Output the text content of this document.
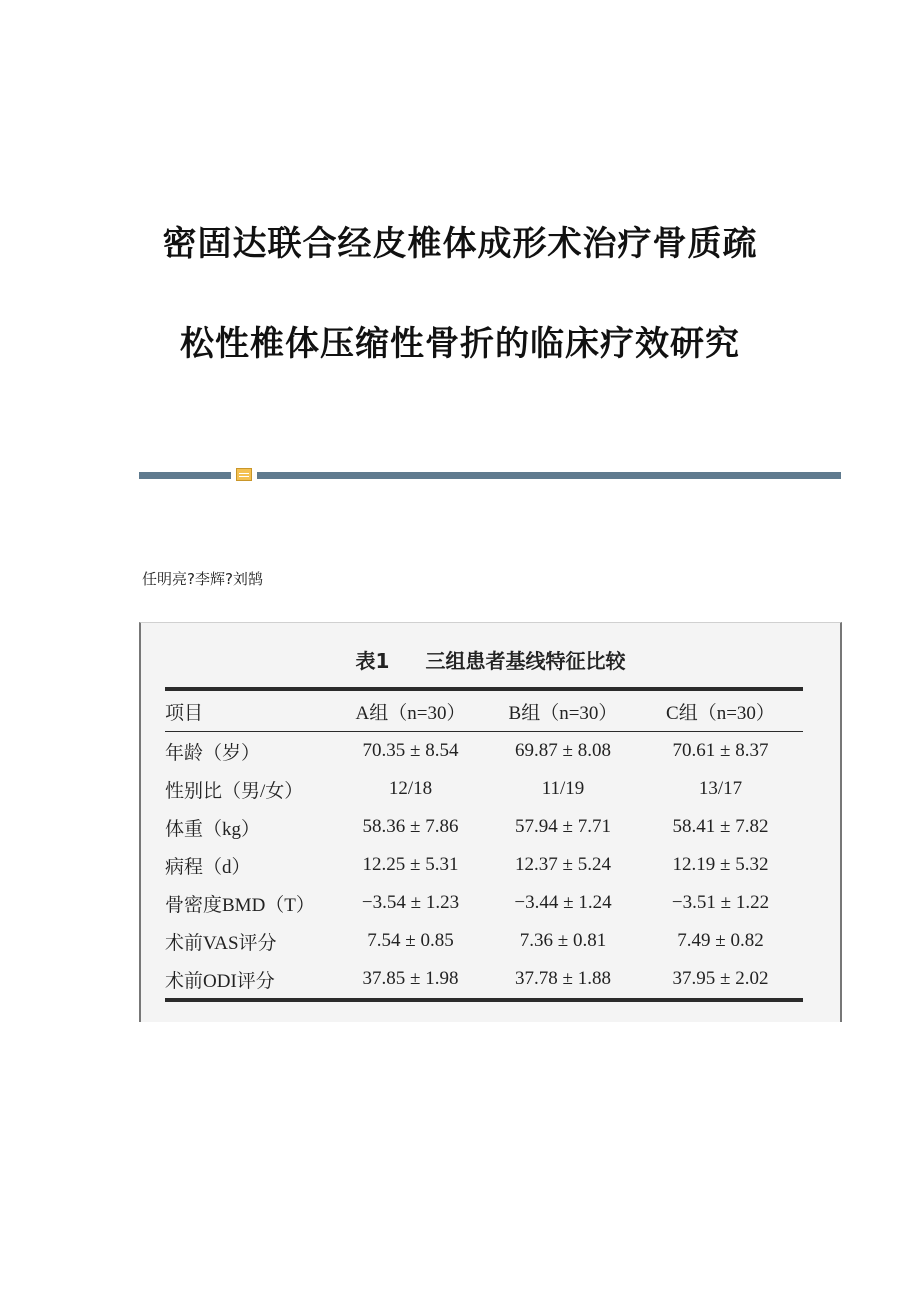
密固达联合经皮椎体成形术治疗骨质疏
松性椎体压缩性骨折的临床疗效研究
任明亮?李辉?刘鹄
表1 三组患者基线特征比较
项目	A组（n=30）	B组（n=30）	C组（n=30）
年龄（岁）	70.35 ± 8.54	69.87 ± 8.08	70.61 ± 8.37
性别比（男/女）	12/18	11/19	13/17
体重（kg）	58.36 ± 7.86	57.94 ± 7.71	58.41 ± 7.82
病程（d）	12.25 ± 5.31	12.37 ± 5.24	12.19 ± 5.32
骨密度BMD（T）	−3.54 ± 1.23	−3.44 ± 1.24	−3.51 ± 1.22
术前VAS评分	7.54 ± 0.85	7.36 ± 0.81	7.49 ± 0.82
术前ODI评分	37.85 ± 1.98	37.78 ± 1.88	37.95 ± 2.02
